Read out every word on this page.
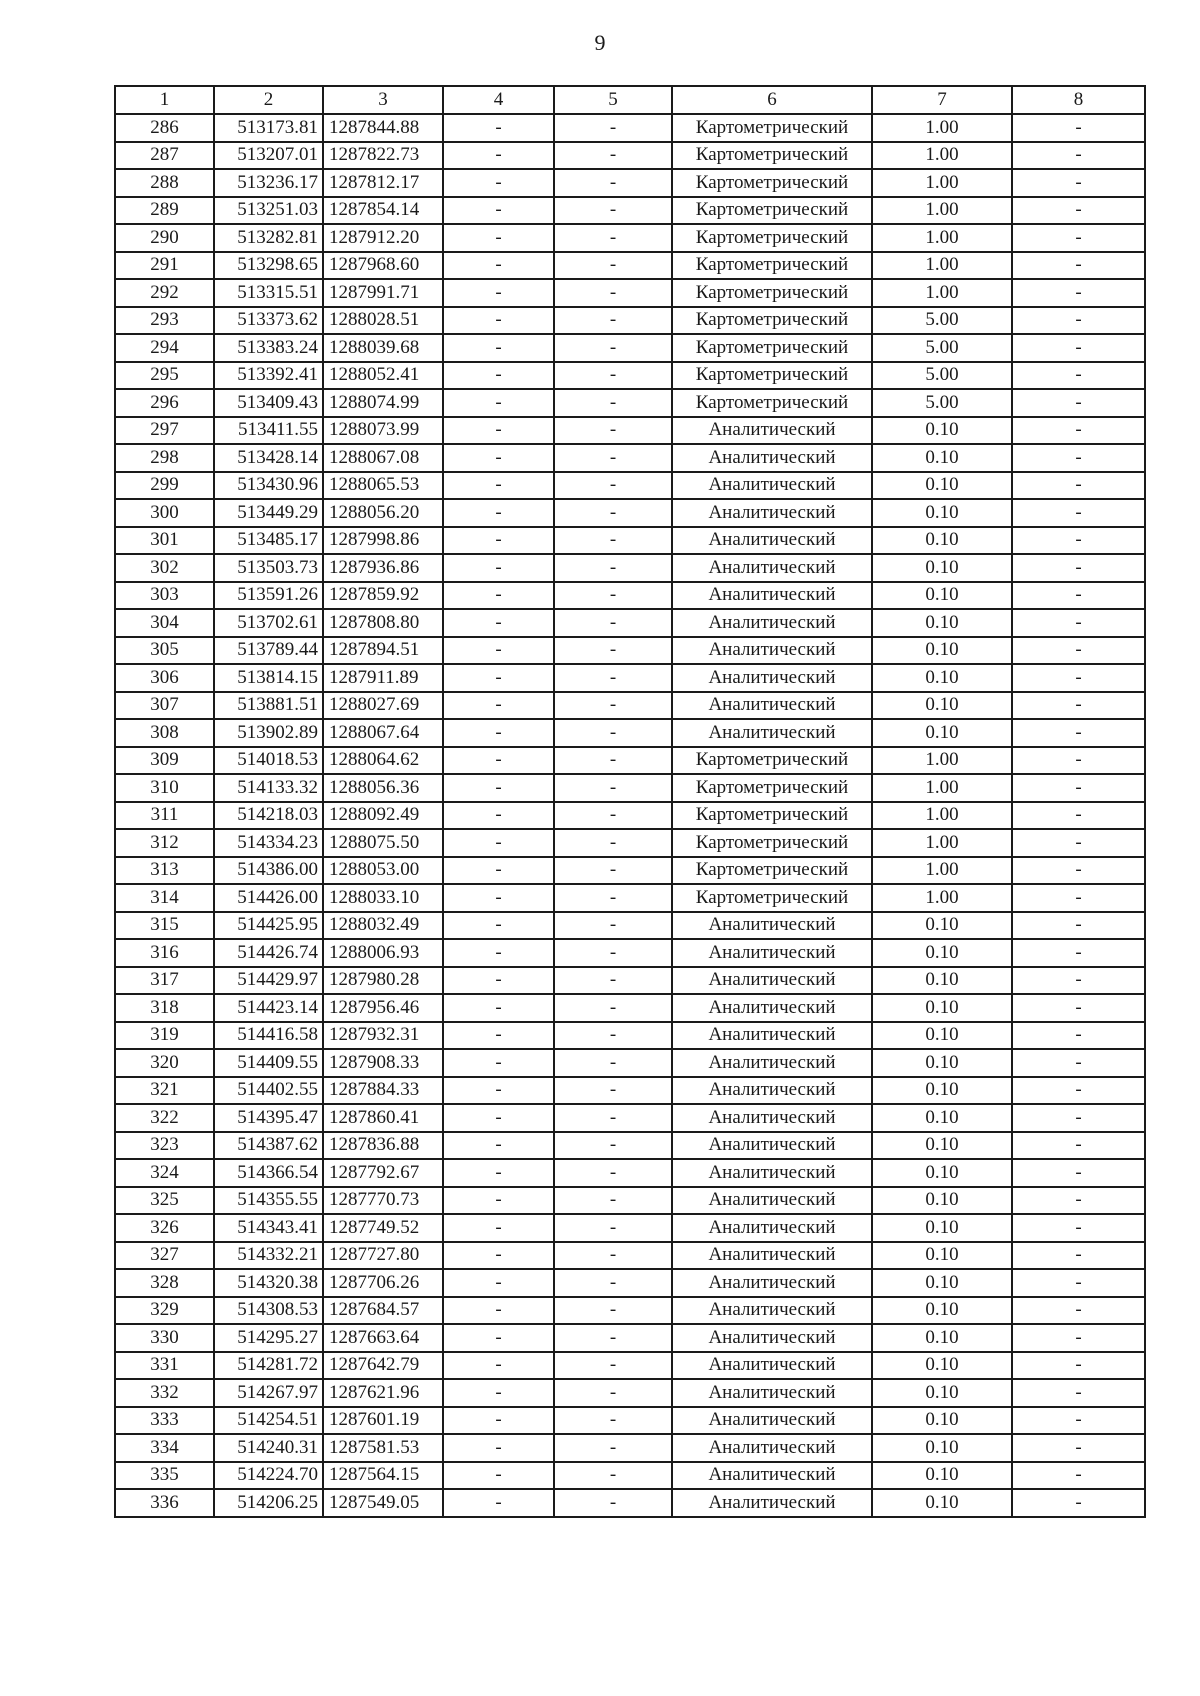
9
1	2	3	4	5	6	7	8
286	513173.81	1287844.88	-	-	Картометрический	1.00	-
287	513207.01	1287822.73	-	-	Картометрический	1.00	-
288	513236.17	1287812.17	-	-	Картометрический	1.00	-
289	513251.03	1287854.14	-	-	Картометрический	1.00	-
290	513282.81	1287912.20	-	-	Картометрический	1.00	-
291	513298.65	1287968.60	-	-	Картометрический	1.00	-
292	513315.51	1287991.71	-	-	Картометрический	1.00	-
293	513373.62	1288028.51	-	-	Картометрический	5.00	-
294	513383.24	1288039.68	-	-	Картометрический	5.00	-
295	513392.41	1288052.41	-	-	Картометрический	5.00	-
296	513409.43	1288074.99	-	-	Картометрический	5.00	-
297	513411.55	1288073.99	-	-	Аналитический	0.10	-
298	513428.14	1288067.08	-	-	Аналитический	0.10	-
299	513430.96	1288065.53	-	-	Аналитический	0.10	-
300	513449.29	1288056.20	-	-	Аналитический	0.10	-
301	513485.17	1287998.86	-	-	Аналитический	0.10	-
302	513503.73	1287936.86	-	-	Аналитический	0.10	-
303	513591.26	1287859.92	-	-	Аналитический	0.10	-
304	513702.61	1287808.80	-	-	Аналитический	0.10	-
305	513789.44	1287894.51	-	-	Аналитический	0.10	-
306	513814.15	1287911.89	-	-	Аналитический	0.10	-
307	513881.51	1288027.69	-	-	Аналитический	0.10	-
308	513902.89	1288067.64	-	-	Аналитический	0.10	-
309	514018.53	1288064.62	-	-	Картометрический	1.00	-
310	514133.32	1288056.36	-	-	Картометрический	1.00	-
311	514218.03	1288092.49	-	-	Картометрический	1.00	-
312	514334.23	1288075.50	-	-	Картометрический	1.00	-
313	514386.00	1288053.00	-	-	Картометрический	1.00	-
314	514426.00	1288033.10	-	-	Картометрический	1.00	-
315	514425.95	1288032.49	-	-	Аналитический	0.10	-
316	514426.74	1288006.93	-	-	Аналитический	0.10	-
317	514429.97	1287980.28	-	-	Аналитический	0.10	-
318	514423.14	1287956.46	-	-	Аналитический	0.10	-
319	514416.58	1287932.31	-	-	Аналитический	0.10	-
320	514409.55	1287908.33	-	-	Аналитический	0.10	-
321	514402.55	1287884.33	-	-	Аналитический	0.10	-
322	514395.47	1287860.41	-	-	Аналитический	0.10	-
323	514387.62	1287836.88	-	-	Аналитический	0.10	-
324	514366.54	1287792.67	-	-	Аналитический	0.10	-
325	514355.55	1287770.73	-	-	Аналитический	0.10	-
326	514343.41	1287749.52	-	-	Аналитический	0.10	-
327	514332.21	1287727.80	-	-	Аналитический	0.10	-
328	514320.38	1287706.26	-	-	Аналитический	0.10	-
329	514308.53	1287684.57	-	-	Аналитический	0.10	-
330	514295.27	1287663.64	-	-	Аналитический	0.10	-
331	514281.72	1287642.79	-	-	Аналитический	0.10	-
332	514267.97	1287621.96	-	-	Аналитический	0.10	-
333	514254.51	1287601.19	-	-	Аналитический	0.10	-
334	514240.31	1287581.53	-	-	Аналитический	0.10	-
335	514224.70	1287564.15	-	-	Аналитический	0.10	-
336	514206.25	1287549.05	-	-	Аналитический	0.10	-
